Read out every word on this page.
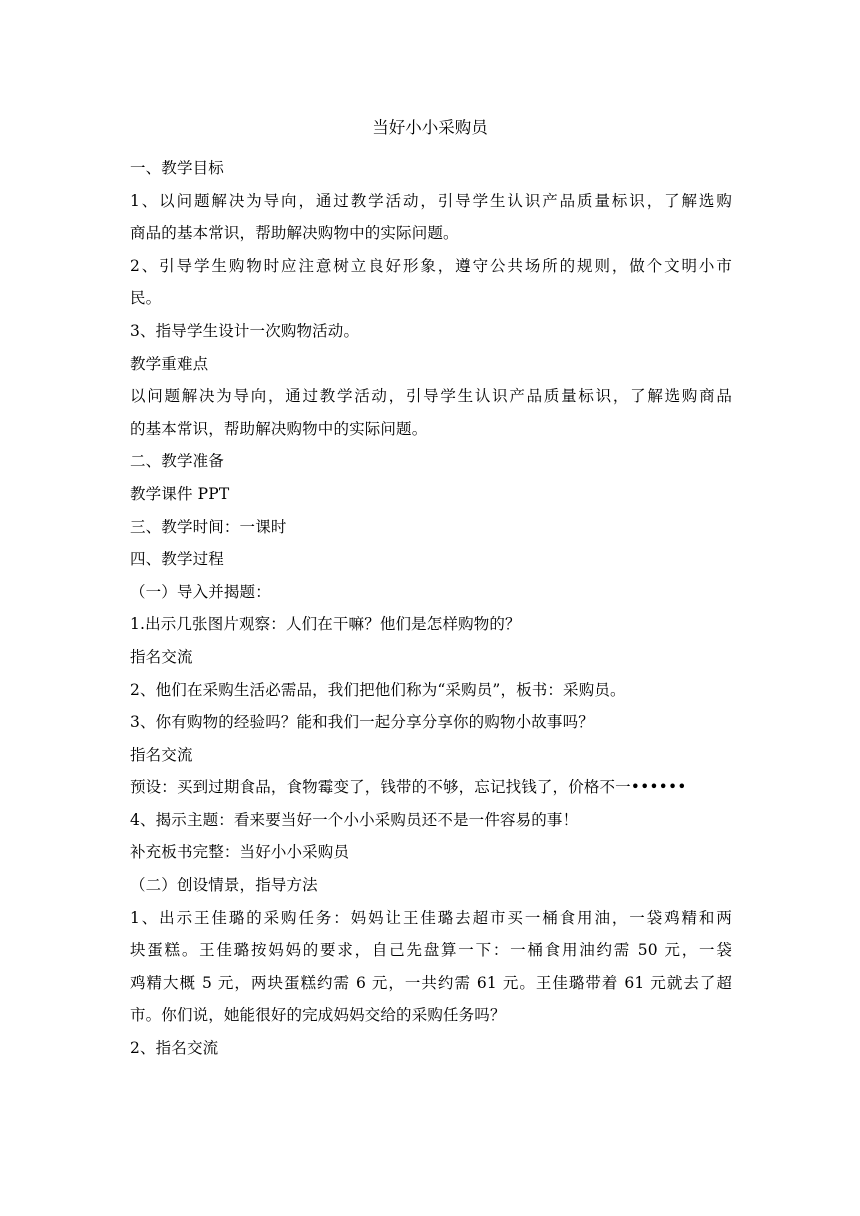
当好小小采购员
一、教学目标
1、以问题解决为导向，通过教学活动，引导学生认识产品质量标识，了解选购
商品的基本常识，帮助解决购物中的实际问题。
2、引导学生购物时应注意树立良好形象，遵守公共场所的规则，做个文明小市
民。
3、指导学生设计一次购物活动。
教学重难点
以问题解决为导向，通过教学活动，引导学生认识产品质量标识，了解选购商品
的基本常识，帮助解决购物中的实际问题。
二、教学准备
教学课件 PPT
三、教学时间：一课时
四、教学过程
（一）导入并揭题：
1.出示几张图片观察：人们在干嘛？他们是怎样购物的？
指名交流
2、他们在采购生活必需品，我们把他们称为“采购员”，板书：采购员。
3、你有购物的经验吗？能和我们一起分享分享你的购物小故事吗？
指名交流
预设：买到过期食品，食物霉变了，钱带的不够，忘记找钱了，价格不一••••••
4、揭示主题：看来要当好一个小小采购员还不是一件容易的事！
补充板书完整：当好小小采购员
（二）创设情景，指导方法
1、出示王佳璐的采购任务：妈妈让王佳璐去超市买一桶食用油，一袋鸡精和两
块蛋糕。王佳璐按妈妈的要求，自己先盘算一下：一桶食用油约需 50 元，一袋
鸡精大概 5 元，两块蛋糕约需 6 元，一共约需 61 元。王佳璐带着 61 元就去了超
市。你们说，她能很好的完成妈妈交给的采购任务吗？
2、指名交流
